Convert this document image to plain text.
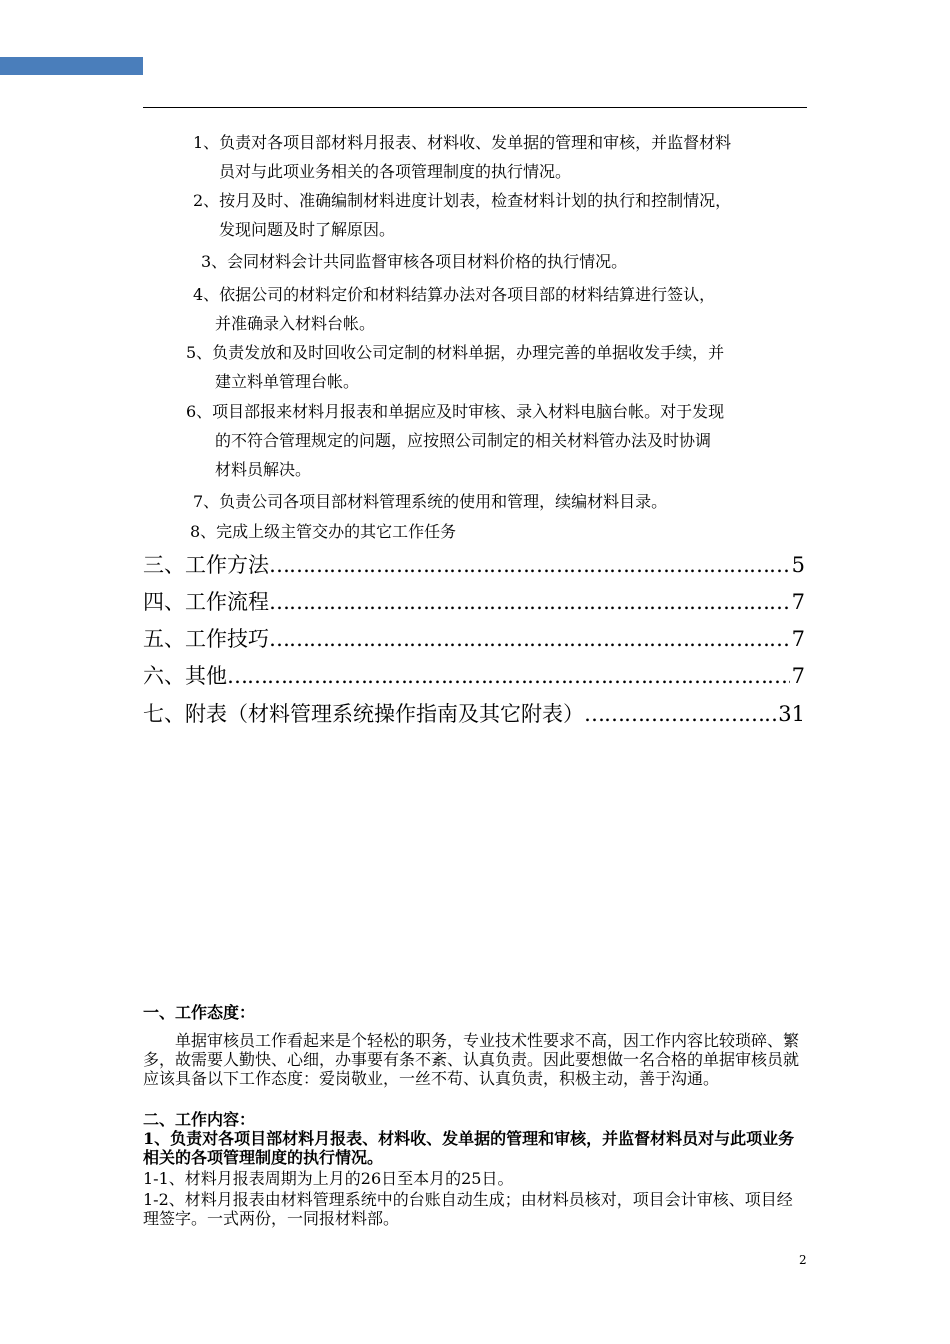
1、负责对各项目部材料月报表、材料收、发单据的管理和审核，并监督材料
员对与此项业务相关的各项管理制度的执行情况。
2、按月及时、准确编制材料进度计划表，检查材料计划的执行和控制情况，
发现问题及时了解原因。
3、会同材料会计共同监督审核各项目材料价格的执行情况。
4、依据公司的材料定价和材料结算办法对各项目部的材料结算进行签认，
并准确录入材料台帐。
5、负责发放和及时回收公司定制的材料单据，办理完善的单据收发手续，并
建立料单管理台帐。
6、项目部报来材料月报表和单据应及时审核、录入材料电脑台帐。对于发现
的不符合管理规定的问题，应按照公司制定的相关材料管办法及时协调
材料员解决。
7、负责公司各项目部材料管理系统的使用和管理，续编材料目录。
8、完成上级主管交办的其它工作任务
三、工作方法 …………………………………………………………………………………………………………	5
四、工作流程 …………………………………………………………………………………………………………	7
五、工作技巧 …………………………………………………………………………………………………………	7
六、其他 …………………………………………………………………………………………………………	7
七、附表（材料管理系统操作指南及其它附表） …………………………………………………………………………………………………………	31

一、工作态度：

　　单据审核员工作看起来是个轻松的职务，专业技术性要求不高，因工作内容比较琐碎、繁多，故需要人勤快、心细，办事要有条不紊、认真负责。因此要想做一名合格的单据审核员就应该具备以下工作态度：爱岗敬业，一丝不苟、认真负责，积极主动，善于沟通。

二、工作内容：

1、负责对各项目部材料月报表、材料收、发单据的管理和审核，并监督材料员对与此项业务相关的各项管理制度的执行情况。

1-1、材料月报表周期为上月的26日至本月的25日。

1-2、材料月报表由材料管理系统中的台账自动生成；由材料员核对，项目会计审核、项目经理签字。一式两份，一同报材料部。

2
